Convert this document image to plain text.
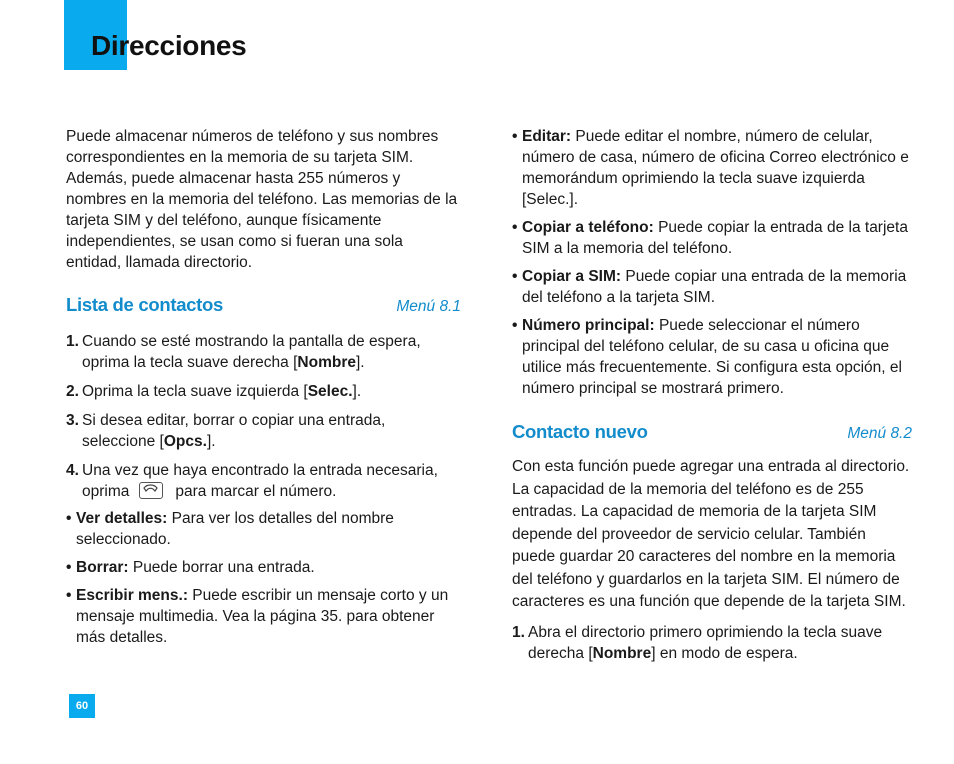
Direcciones

Puede almacenar números de teléfono y sus nombres correspondientes en la memoria de su tarjeta SIM. Además, puede almacenar hasta 255 números y nombres en la memoria del teléfono. Las memorias de la tarjeta SIM y del teléfono, aunque físicamente independientes, se usan como si fueran una sola entidad, llamada directorio.

Lista de contactos	Menú 8.1
1. Cuando se esté mostrando la pantalla de espera, oprima la tecla suave derecha [Nombre].
2. Oprima la tecla suave izquierda [Selec.].
3. Si desea editar, borrar o copiar una entrada, seleccione [Opcs.].
4. Una vez que haya encontrado la entrada necesaria,
oprima	para marcar el número.
• Ver detalles: Para ver los detalles del nombre seleccionado.
• Borrar: Puede borrar una entrada.
• Escribir mens.: Puede escribir un mensaje corto y un mensaje multimedia. Vea la página 35. para obtener más detalles.
• Editar: Puede editar el nombre, número de celular, número de casa, número de oficina Correo electrónico e memorándum oprimiendo la tecla suave izquierda [Selec.].
• Copiar a teléfono: Puede copiar la entrada de la tarjeta SIM a la memoria del teléfono.
• Copiar a SIM: Puede copiar una entrada de la memoria del teléfono a la tarjeta SIM.
• Número principal: Puede seleccionar el número principal del teléfono celular, de su casa u oficina que utilice más frecuentemente. Si configura esta opción, el número principal se mostrará primero.
Contacto nuevo	Menú 8.2

Con esta función puede agregar una entrada al directorio. La capacidad de la memoria del teléfono es de 255 entradas. La capacidad de memoria de la tarjeta SIM depende del proveedor de servicio celular. También puede guardar 20 caracteres del nombre en la memoria del teléfono y guardarlos en la tarjeta SIM. El número de caracteres es una función que depende de la tarjeta SIM.

1. Abra el directorio primero oprimiendo la tecla suave derecha [Nombre] en modo de espera.
60
